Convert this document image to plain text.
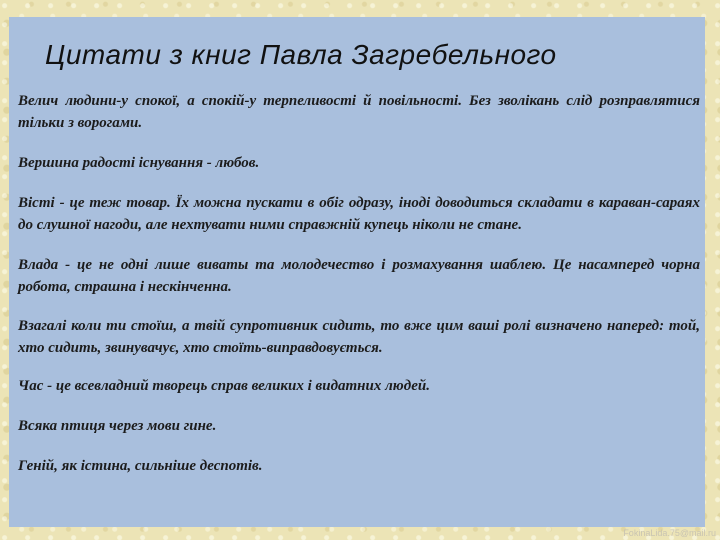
Цитати з книг Павла Загребельного
Велич людини-у спокої, а спокій-у терпеливості й повільності. Без зволікань слід розправлятися тільки з ворогами.
Вершина радості існування - любов.
Вісті - це теж товар. Їх можна пускати в обіг одразу, іноді доводиться складати в караван-сараях до слушної нагоди, але нехтувати ними справжній купець ніколи не стане.
Влада - це не одні лише виваты та молодечество і розмахування шаблею. Це насамперед чорна робота, страшна і нескінченна.
Взагалі коли ти стоїш, а твій супротивник сидить, то вже цим ваші ролі визначено наперед: той, хто сидить, звинувачує, хто стоїть-виправдовується.
Час - це всевладний творець справ великих і видатних людей.
Всяка птиця через мови гине.
Геній, як істина, сильніше деспотів.
FokinaLida.75@mail.ru
